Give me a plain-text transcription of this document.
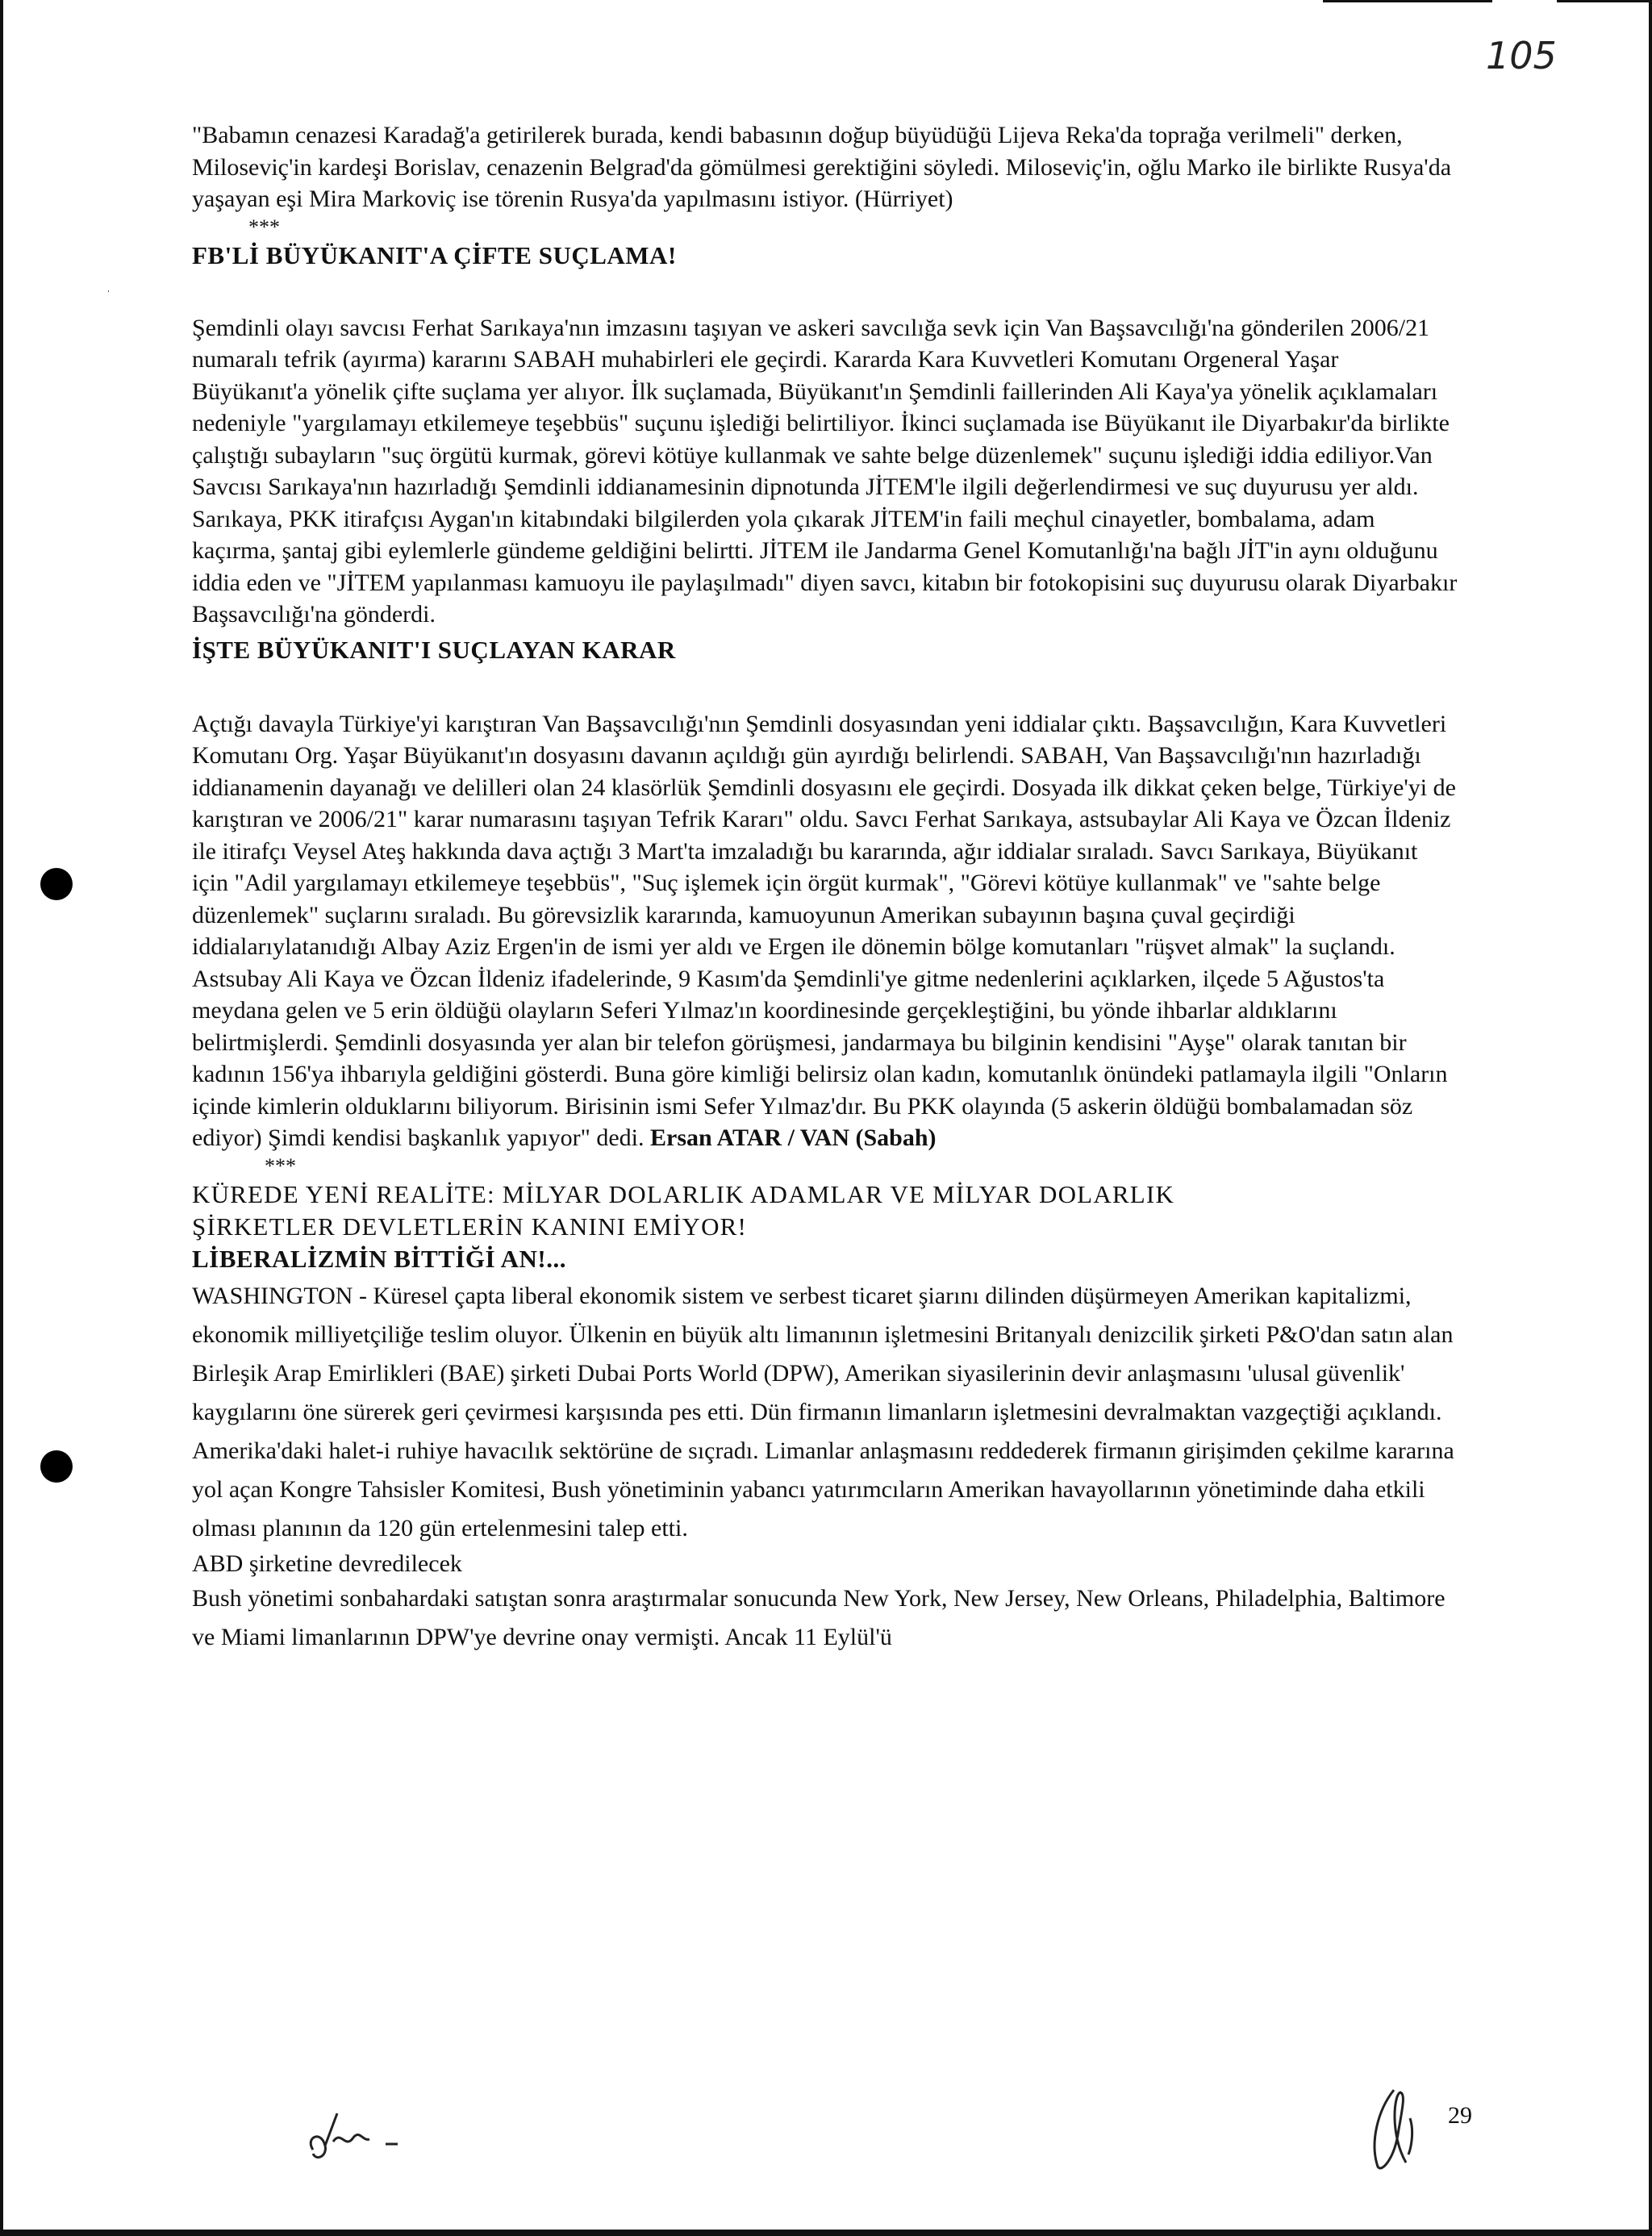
105

"Babamın cenazesi Karadağ'a getirilerek burada, kendi babasının doğup büyüdüğü Lijeva Reka'da toprağa verilmeli" derken, Miloseviç'in kardeşi Borislav, cenazenin Belgrad'da gömülmesi gerektiğini söyledi. Miloseviç'in, oğlu Marko ile birlikte Rusya'da yaşayan eşi Mira Markoviç ise törenin Rusya'da yapılmasını istiyor. (Hürriyet)

***

FB'Lİ BÜYÜKANIT'A ÇİFTE SUÇLAMA!

Şemdinli olayı savcısı Ferhat Sarıkaya'nın imzasını taşıyan ve askeri savcılığa sevk için Van Başsavcılığı'na gönderilen 2006/21 numaralı tefrik (ayırma) kararını SABAH muhabirleri ele geçirdi. Kararda Kara Kuvvetleri Komutanı Orgeneral Yaşar Büyükanıt'a yönelik çifte suçlama yer alıyor. İlk suçlamada, Büyükanıt'ın Şemdinli faillerinden Ali Kaya'ya yönelik açıklamaları nedeniyle "yargılamayı etkilemeye teşebbüs" suçunu işlediği belirtiliyor. İkinci suçlamada ise Büyükanıt ile Diyarbakır'da birlikte çalıştığı subayların "suç örgütü kurmak, görevi kötüye kullanmak ve sahte belge düzenlemek" suçunu işlediği iddia ediliyor.Van Savcısı Sarıkaya'nın hazırladığı Şemdinli iddianamesinin dipnotunda JİTEM'le ilgili değerlendirmesi ve suç duyurusu yer aldı. Sarıkaya, PKK itirafçısı Aygan'ın kitabındaki bilgilerden yola çıkarak JİTEM'in faili meçhul cinayetler, bombalama, adam kaçırma, şantaj gibi eylemlerle gündeme geldiğini belirtti. JİTEM ile Jandarma Genel Komutanlığı'na bağlı JİT'in aynı olduğunu iddia eden ve "JİTEM yapılanması kamuoyu ile paylaşılmadı" diyen savcı, kitabın bir fotokopisini suç duyurusu olarak Diyarbakır Başsavcılığı'na gönderdi.

İŞTE BÜYÜKANIT'I SUÇLAYAN KARAR

Açtığı davayla Türkiye'yi karıştıran Van Başsavcılığı'nın Şemdinli dosyasından yeni iddialar çıktı. Başsavcılığın, Kara Kuvvetleri Komutanı Org. Yaşar Büyükanıt'ın dosyasını davanın açıldığı gün ayırdığı belirlendi. SABAH, Van Başsavcılığı'nın hazırladığı iddianamenin dayanağı ve delilleri olan 24 klasörlük Şemdinli dosyasını ele geçirdi. Dosyada ilk dikkat çeken belge, Türkiye'yi de karıştıran ve 2006/21" karar numarasını taşıyan Tefrik Kararı" oldu. Savcı Ferhat Sarıkaya, astsubaylar Ali Kaya ve Özcan İldeniz ile itirafçı Veysel Ateş hakkında dava açtığı 3 Mart'ta imzaladığı bu kararında, ağır iddialar sıraladı. Savcı Sarıkaya, Büyükanıt için "Adil yargılamayı etkilemeye teşebbüs", "Suç işlemek için örgüt kurmak", "Görevi kötüye kullanmak" ve "sahte belge düzenlemek" suçlarını sıraladı. Bu görevsizlik kararında, kamuoyunun Amerikan subayının başına çuval geçirdiği iddialarıylatanıdığı Albay Aziz Ergen'in de ismi yer aldı ve Ergen ile dönemin bölge komutanları "rüşvet almak" la suçlandı.

Astsubay Ali Kaya ve Özcan İldeniz ifadelerinde, 9 Kasım'da Şemdinli'ye gitme nedenlerini açıklarken, ilçede 5 Ağustos'ta meydana gelen ve 5 erin öldüğü olayların Seferi Yılmaz'ın koordinesinde gerçekleştiğini, bu yönde ihbarlar aldıklarını belirtmişlerdi. Şemdinli dosyasında yer alan bir telefon görüşmesi, jandarmaya bu bilginin kendisini "Ayşe" olarak tanıtan bir kadının 156'ya ihbarıyla geldiğini gösterdi. Buna göre kimliği belirsiz olan kadın, komutanlık önündeki patlamayla ilgili "Onların içinde kimlerin olduklarını biliyorum. Birisinin ismi Sefer Yılmaz'dır. Bu PKK olayında (5 askerin öldüğü bombalamadan söz ediyor) Şimdi kendisi başkanlık yapıyor" dedi. Ersan ATAR / VAN (Sabah)

***

KÜREDE YENİ REALİTE: MİLYAR DOLARLIK ADAMLAR VE MİLYAR DOLARLIK
ŞİRKETLER DEVLETLERİN KANINI EMİYOR!
LİBERALİZMİN BİTTİĞİ AN!...

WASHINGTON - Küresel çapta liberal ekonomik sistem ve serbest ticaret şiarını dilinden düşürmeyen Amerikan kapitalizmi, ekonomik milliyetçiliğe teslim oluyor. Ülkenin en büyük altı limanının işletmesini Britanyalı denizcilik şirketi P&O'dan satın alan Birleşik Arap Emirlikleri (BAE) şirketi Dubai Ports World (DPW), Amerikan siyasilerinin devir anlaşmasını 'ulusal güvenlik' kaygılarını öne sürerek geri çevirmesi karşısında pes etti. Dün firmanın limanların işletmesini devralmaktan vazgeçtiği açıklandı. Amerika'daki halet-i ruhiye havacılık sektörüne de sıçradı. Limanlar anlaşmasını reddederek firmanın girişimden çekilme kararına yol açan Kongre Tahsisler Komitesi, Bush yönetiminin yabancı yatırımcıların Amerikan havayollarının yönetiminde daha etkili olması planının da 120 gün ertelenmesini talep etti.

ABD şirketine devredilecek

Bush yönetimi sonbahardaki satıştan sonra araştırmalar sonucunda New York, New Jersey, New Orleans, Philadelphia, Baltimore ve Miami limanlarının DPW'ye devrine onay vermişti. Ancak 11 Eylül'ü

29
